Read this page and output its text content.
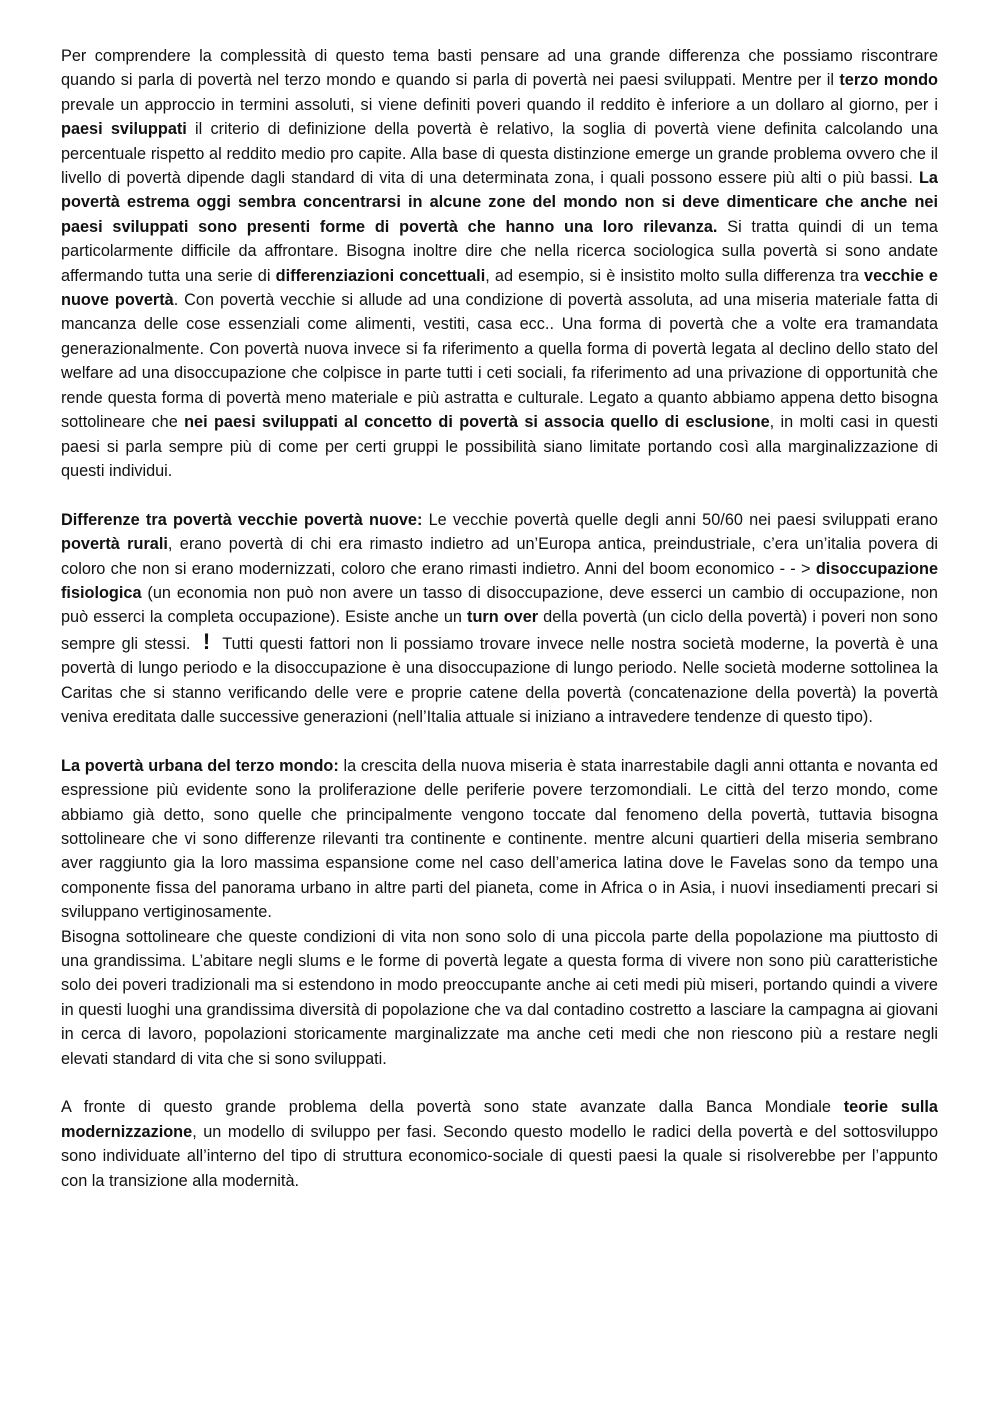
Per comprendere la complessità di questo tema basti pensare ad una grande differenza che possiamo riscontrare quando si parla di povertà nel terzo mondo e quando si parla di povertà nei paesi sviluppati. Mentre per il terzo mondo prevale un approccio in termini assoluti, si viene definiti poveri quando il reddito è inferiore a un dollaro al giorno, per i paesi sviluppati il criterio di definizione della povertà è relativo, la soglia di povertà viene definita calcolando una percentuale rispetto al reddito medio pro capite. Alla base di questa distinzione emerge un grande problema ovvero che il livello di povertà dipende dagli standard di vita di una determinata zona, i quali possono essere più alti o più bassi. La povertà estrema oggi sembra concentrarsi in alcune zone del mondo non si deve dimenticare che anche nei paesi sviluppati sono presenti forme di povertà che hanno una loro rilevanza. Si tratta quindi di un tema particolarmente difficile da affrontare. Bisogna inoltre dire che nella ricerca sociologica sulla povertà si sono andate affermando tutta una serie di differenziazioni concettuali, ad esempio, si è insistito molto sulla differenza tra vecchie e nuove povertà. Con povertà vecchie si allude ad una condizione di povertà assoluta, ad una miseria materiale fatta di mancanza delle cose essenziali come alimenti, vestiti, casa ecc.. Una forma di povertà che a volte era tramandata generazionalmente. Con povertà nuova invece si fa riferimento a quella forma di povertà legata al declino dello stato del welfare ad una disoccupazione che colpisce in parte tutti i ceti sociali, fa riferimento ad una privazione di opportunità che rende questa forma di povertà meno materiale e più astratta e culturale. Legato a quanto abbiamo appena detto bisogna sottolineare che nei paesi sviluppati al concetto di povertà si associa quello di esclusione, in molti casi in questi paesi si parla sempre più di come per certi gruppi le possibilità siano limitate portando così alla marginalizzazione di questi individui.

Differenze tra povertà vecchie povertà nuove: Le vecchie povertà quelle degli anni 50/60 nei paesi sviluppati erano povertà rurali, erano povertà di chi era rimasto indietro ad un’Europa antica, preindustriale, c’era un’italia povera di coloro che non si erano modernizzati, coloro che erano rimasti indietro. Anni del boom economico - - > disoccupazione fisiologica (un economia non può non avere un tasso di disoccupazione, deve esserci un cambio di occupazione, non può esserci la completa occupazione). Esiste anche un turn over della povertà (un ciclo della povertà) i poveri non sono sempre gli stessi. ! Tutti questi fattori non li possiamo trovare invece nelle nostra società moderne, la povertà è una povertà di lungo periodo e la disoccupazione è una disoccupazione di lungo periodo. Nelle società moderne sottolinea la Caritas che si stanno verificando delle vere e proprie catene della povertà (concatenazione della povertà) la povertà veniva ereditata dalle successive generazioni (nell’Italia attuale si iniziano a intravedere tendenze di questo tipo).

La povertà urbana del terzo mondo: la crescita della nuova miseria è stata inarrestabile dagli anni ottanta e novanta ed espressione più evidente sono la proliferazione delle periferie povere terzomondiali. Le città del terzo mondo, come abbiamo già detto, sono quelle che principalmente vengono toccate dal fenomeno della povertà, tuttavia bisogna sottolineare che vi sono differenze rilevanti tra continente e continente. mentre alcuni quartieri della miseria sembrano aver raggiunto gia la loro massima espansione come nel caso dell’america latina dove le Favelas sono da tempo una componente fissa del panorama urbano in altre parti del pianeta, come in Africa o in Asia, i nuovi insediamenti precari si sviluppano vertiginosamente.
Bisogna sottolineare che queste condizioni di vita non sono solo di una piccola parte della popolazione ma piuttosto di una grandissima. L’abitare negli slums e le forme di povertà legate a questa forma di vivere non sono più caratteristiche solo dei poveri tradizionali ma si estendono in modo preoccupante anche ai ceti medi più miseri, portando quindi a vivere in questi luoghi una grandissima diversità di popolazione che va dal contadino costretto a lasciare la campagna ai giovani in cerca di lavoro, popolazioni storicamente marginalizzate ma anche ceti medi che non riescono più a restare negli elevati standard di vita che si sono sviluppati.

A fronte di questo grande problema della povertà sono state avanzate dalla Banca Mondiale teorie sulla modernizzazione, un modello di sviluppo per fasi. Secondo questo modello le radici della povertà e del sottosviluppo sono individuate all’interno del tipo di struttura economico-sociale di questi paesi la quale si risolverebbe per l’appunto con la transizione alla modernità.
